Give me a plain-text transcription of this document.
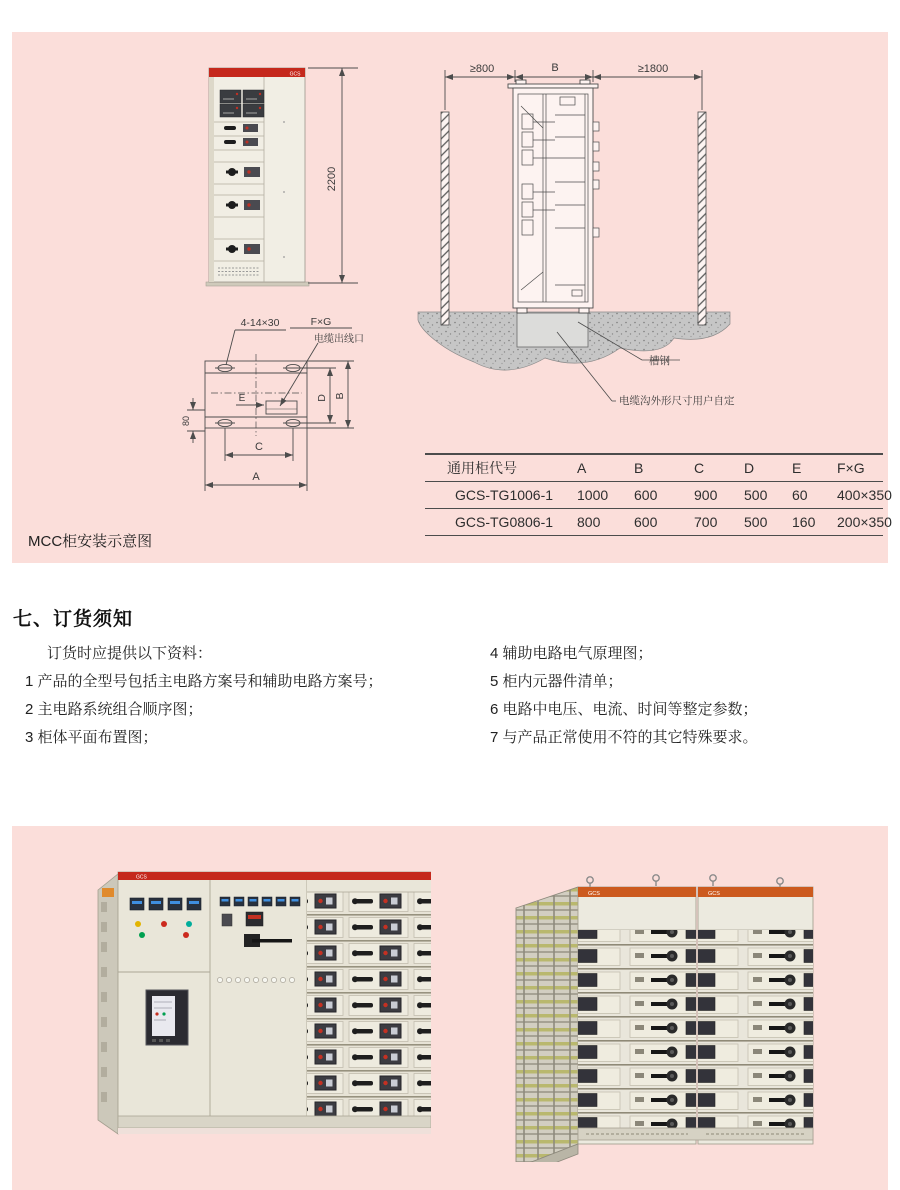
GCS
2200
4-14×30	F×G
电缆出线口
E
80
D B
C
A
≥800	B	≥1800
槽钢
电缆沟外形尺寸用户自定
通用柜代号	A	B	C	D	E	F×G
GCS-TG1006-1	1000	600	900	500	60	400×350
GCS-TG0806-1	800	600	700	500	160	200×350
MCC柜安装示意图
七、订货须知
订货时应提供以下资料：
1 产品的全型号包括主电路方案号和辅助电路方案号；
2 主电路系统组合顺序图；
3 柜体平面布置图；
4 辅助电路电气原理图；
5 柜内元器件清单；
6 电路中电压、电流、时间等整定参数；
7 与产品正常使用不符的其它特殊要求。
GCS
GCS	GCS
